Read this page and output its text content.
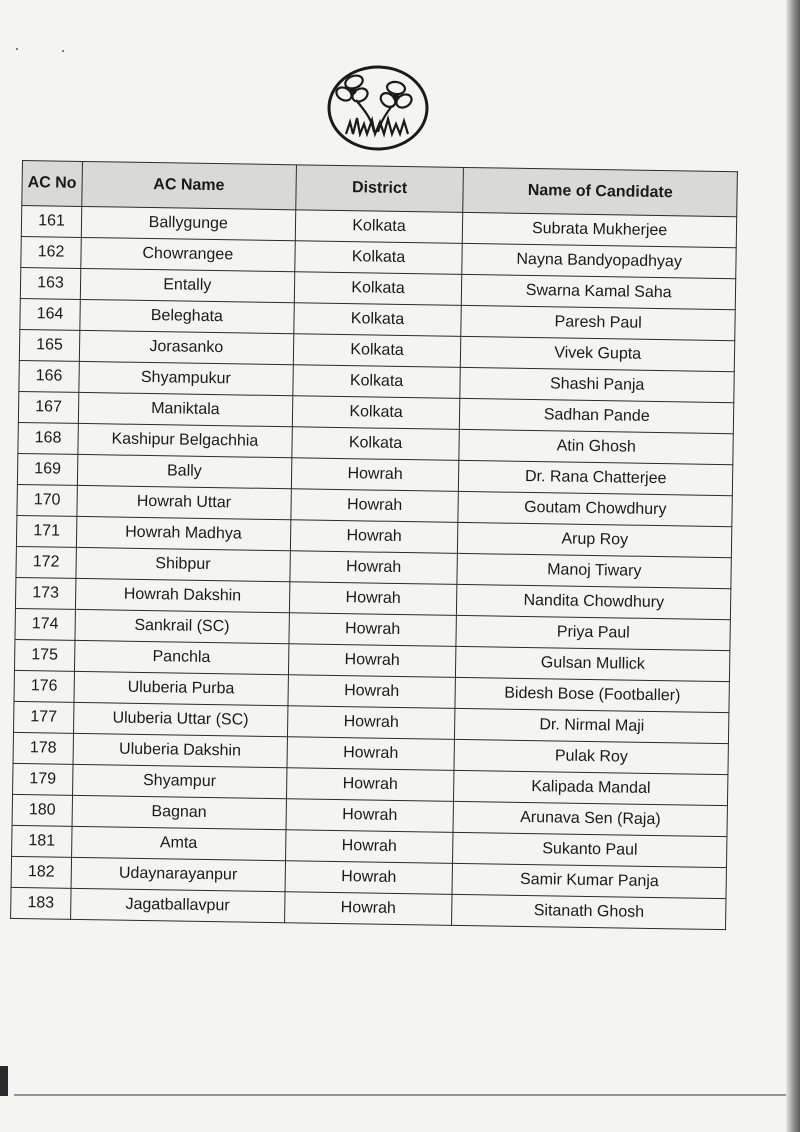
AC No	AC Name	District	Name of Candidate
161	Ballygunge	Kolkata	Subrata Mukherjee
162	Chowrangee	Kolkata	Nayna Bandyopadhyay
163	Entally	Kolkata	Swarna Kamal Saha
164	Beleghata	Kolkata	Paresh Paul
165	Jorasanko	Kolkata	Vivek Gupta
166	Shyampukur	Kolkata	Shashi Panja
167	Maniktala	Kolkata	Sadhan Pande
168	Kashipur Belgachhia	Kolkata	Atin Ghosh
169	Bally	Howrah	Dr. Rana Chatterjee
170	Howrah Uttar	Howrah	Goutam Chowdhury
171	Howrah Madhya	Howrah	Arup Roy
172	Shibpur	Howrah	Manoj Tiwary
173	Howrah Dakshin	Howrah	Nandita Chowdhury
174	Sankrail (SC)	Howrah	Priya Paul
175	Panchla	Howrah	Gulsan Mullick
176	Uluberia Purba	Howrah	Bidesh Bose (Footballer)
177	Uluberia Uttar (SC)	Howrah	Dr. Nirmal Maji
178	Uluberia Dakshin	Howrah	Pulak Roy
179	Shyampur	Howrah	Kalipada Mandal
180	Bagnan	Howrah	Arunava Sen (Raja)
181	Amta	Howrah	Sukanto Paul
182	Udaynarayanpur	Howrah	Samir Kumar Panja
183	Jagatballavpur	Howrah	Sitanath Ghosh
